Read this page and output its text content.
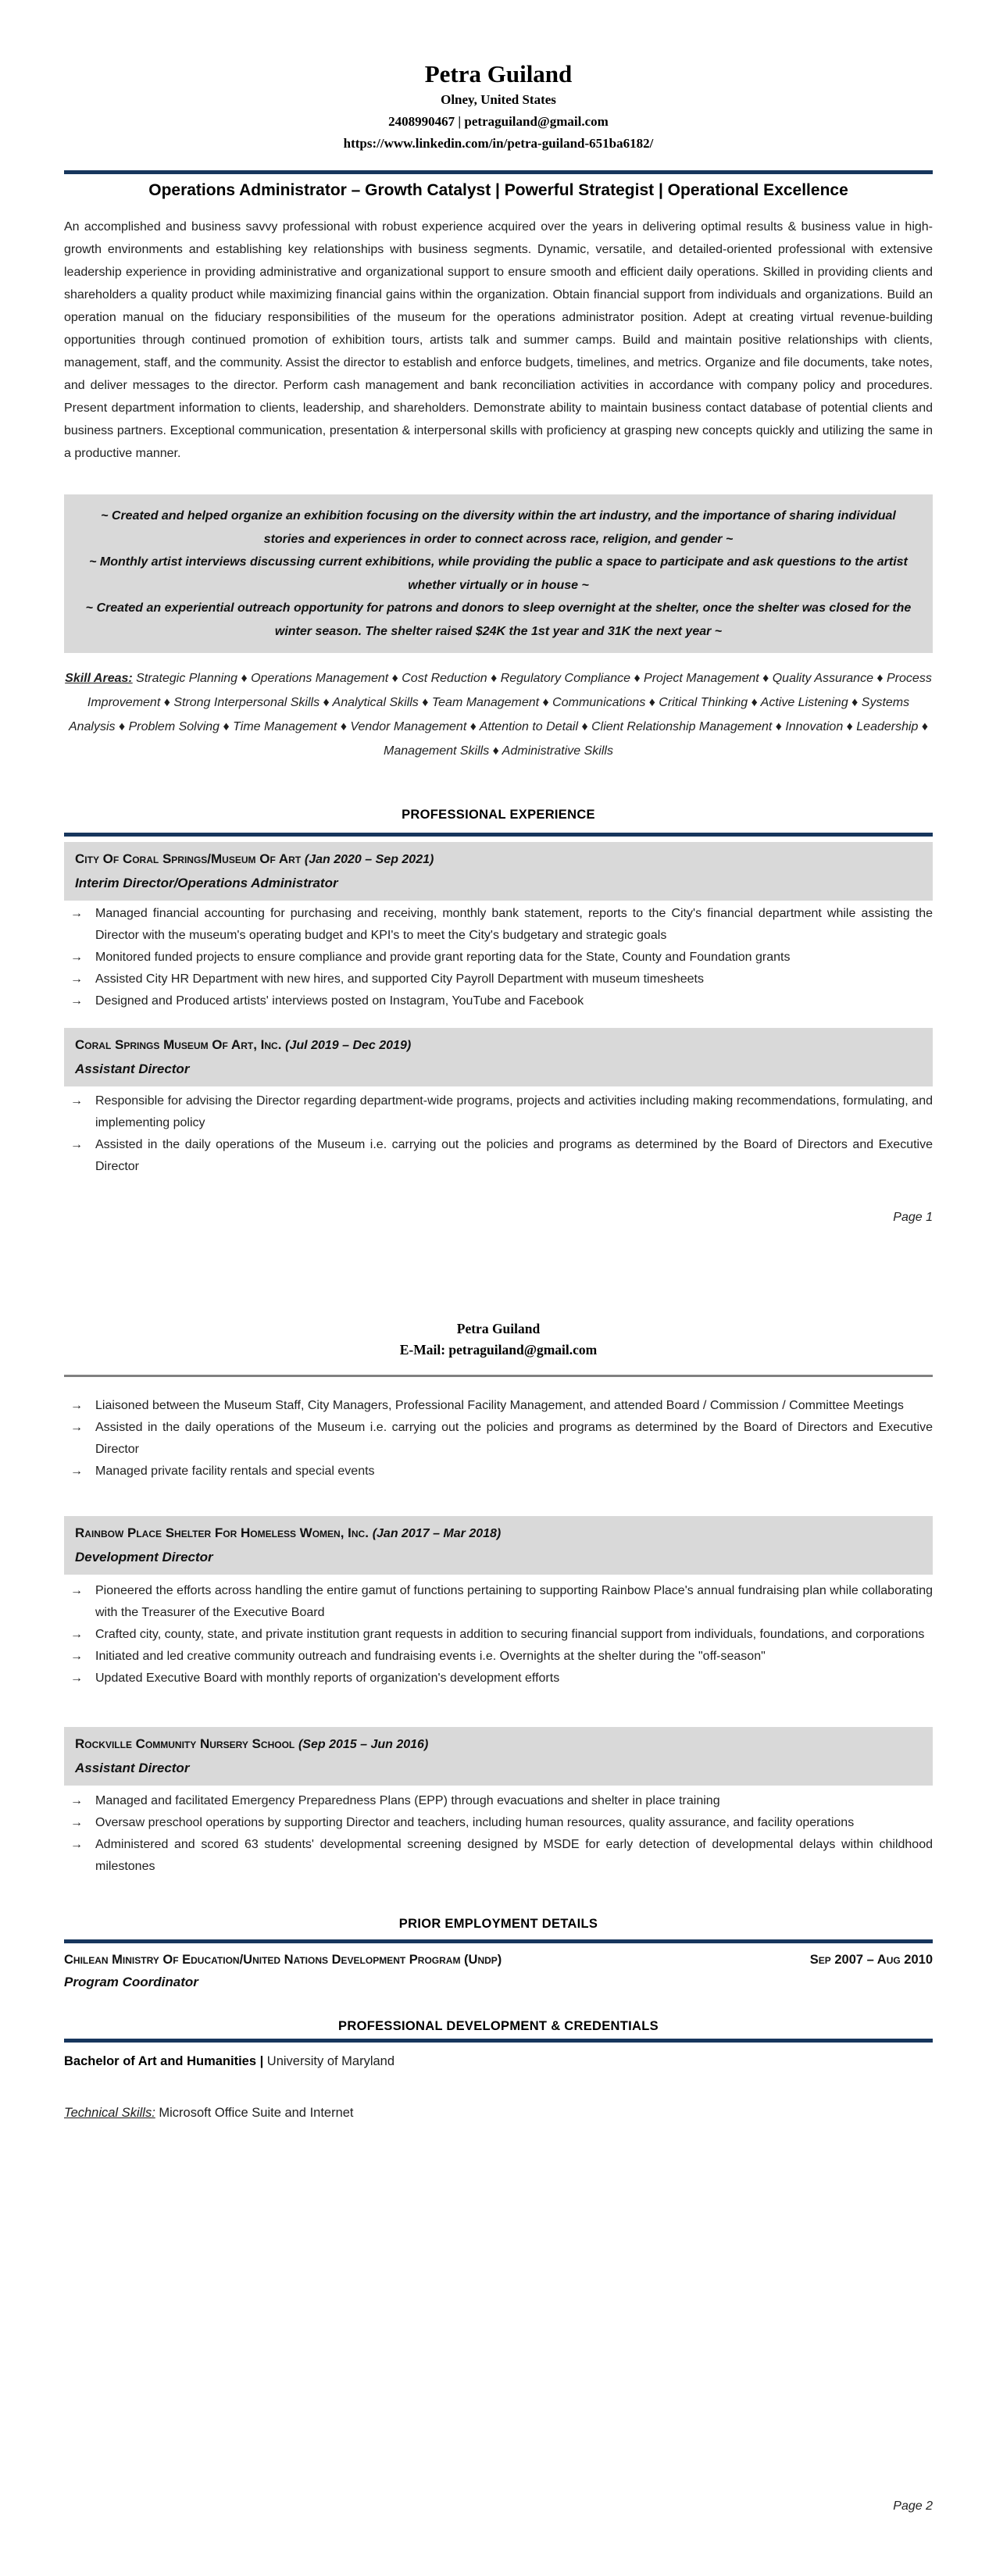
Petra Guiland
Olney, United States
2408990467 | petraguiland@gmail.com
https://www.linkedin.com/in/petra-guiland-651ba6182/
Operations Administrator – Growth Catalyst | Powerful Strategist | Operational Excellence
An accomplished and business savvy professional with robust experience acquired over the years in delivering optimal results & business value in high-growth environments and establishing key relationships with business segments. Dynamic, versatile, and detailed-oriented professional with extensive leadership experience in providing administrative and organizational support to ensure smooth and efficient daily operations. Skilled in providing clients and shareholders a quality product while maximizing financial gains within the organization. Obtain financial support from individuals and organizations. Build an operation manual on the fiduciary responsibilities of the museum for the operations administrator position. Adept at creating virtual revenue-building opportunities through continued promotion of exhibition tours, artists talk and summer camps. Build and maintain positive relationships with clients, management, staff, and the community. Assist the director to establish and enforce budgets, timelines, and metrics. Organize and file documents, take notes, and deliver messages to the director. Perform cash management and bank reconciliation activities in accordance with company policy and procedures. Present department information to clients, leadership, and shareholders. Demonstrate ability to maintain business contact database of potential clients and business partners. Exceptional communication, presentation & interpersonal skills with proficiency at grasping new concepts quickly and utilizing the same in a productive manner.

~ Created and helped organize an exhibition focusing on the diversity within the art industry, and the importance of sharing individual stories and experiences in order to connect across race, religion, and gender ~

~ Monthly artist interviews discussing current exhibitions, while providing the public a space to participate and ask questions to the artist whether virtually or in house ~

~ Created an experiential outreach opportunity for patrons and donors to sleep overnight at the shelter, once the shelter was closed for the winter season. The shelter raised $24K the 1st year and 31K the next year ~

Skill Areas: Strategic Planning ♦ Operations Management ♦ Cost Reduction ♦ Regulatory Compliance ♦ Project Management ♦ Quality Assurance ♦ Process Improvement ♦ Strong Interpersonal Skills ♦ Analytical Skills ♦ Team Management ♦ Communications ♦ Critical Thinking ♦ Active Listening ♦ Systems Analysis ♦ Problem Solving ♦ Time Management ♦ Vendor Management ♦ Attention to Detail ♦ Client Relationship Management ♦ Innovation ♦ Leadership ♦ Management Skills ♦ Administrative Skills
PROFESSIONAL EXPERIENCE
City Of Coral Springs/Museum Of Art (Jan 2020 – Sep 2021)
Interim Director/Operations Administrator
→	Managed financial accounting for purchasing and receiving, monthly bank statement, reports to the City's financial department while assisting the Director with the museum's operating budget and KPI's to meet the City's budgetary and strategic goals
→	Monitored funded projects to ensure compliance and provide grant reporting data for the State, County and Foundation grants
→	Assisted City HR Department with new hires, and supported City Payroll Department with museum timesheets
→	Designed and Produced artists' interviews posted on Instagram, YouTube and Facebook
Coral Springs Museum Of Art, Inc. (Jul 2019 – Dec 2019)
Assistant Director
→	Responsible for advising the Director regarding department-wide programs, projects and activities including making recommendations, formulating, and implementing policy
→	Assisted in the daily operations of the Museum i.e. carrying out the policies and programs as determined by the Board of Directors and Executive Director
Page 1
Petra Guiland
E-Mail: petraguiland@gmail.com
→	Liaisoned between the Museum Staff, City Managers, Professional Facility Management, and attended Board / Commission / Committee Meetings
→	Assisted in the daily operations of the Museum i.e. carrying out the policies and programs as determined by the Board of Directors and Executive Director
→	Managed private facility rentals and special events
Rainbow Place Shelter For Homeless Women, Inc. (Jan 2017 – Mar 2018)
Development Director
→	Pioneered the efforts across handling the entire gamut of functions pertaining to supporting Rainbow Place's annual fundraising plan while collaborating with the Treasurer of the Executive Board
→	Crafted city, county, state, and private institution grant requests in addition to securing financial support from individuals, foundations, and corporations
→	Initiated and led creative community outreach and fundraising events i.e. Overnights at the shelter during the "off-season"
→	Updated Executive Board with monthly reports of organization's development efforts
Rockville Community Nursery School (Sep 2015 – Jun 2016)
Assistant Director
→	Managed and facilitated Emergency Preparedness Plans (EPP) through evacuations and shelter in place training
→	Oversaw preschool operations by supporting Director and teachers, including human resources, quality assurance, and facility operations
→	Administered and scored 63 students' developmental screening designed by MSDE for early detection of developmental delays within childhood milestones
PRIOR EMPLOYMENT DETAILS
Chilean Ministry Of Education/United Nations Development Program (Undp)	Sep 2007 – Aug 2010
Program Coordinator
PROFESSIONAL DEVELOPMENT & CREDENTIALS
Bachelor of Art and Humanities | University of Maryland
Technical Skills: Microsoft Office Suite and Internet
Page 2
